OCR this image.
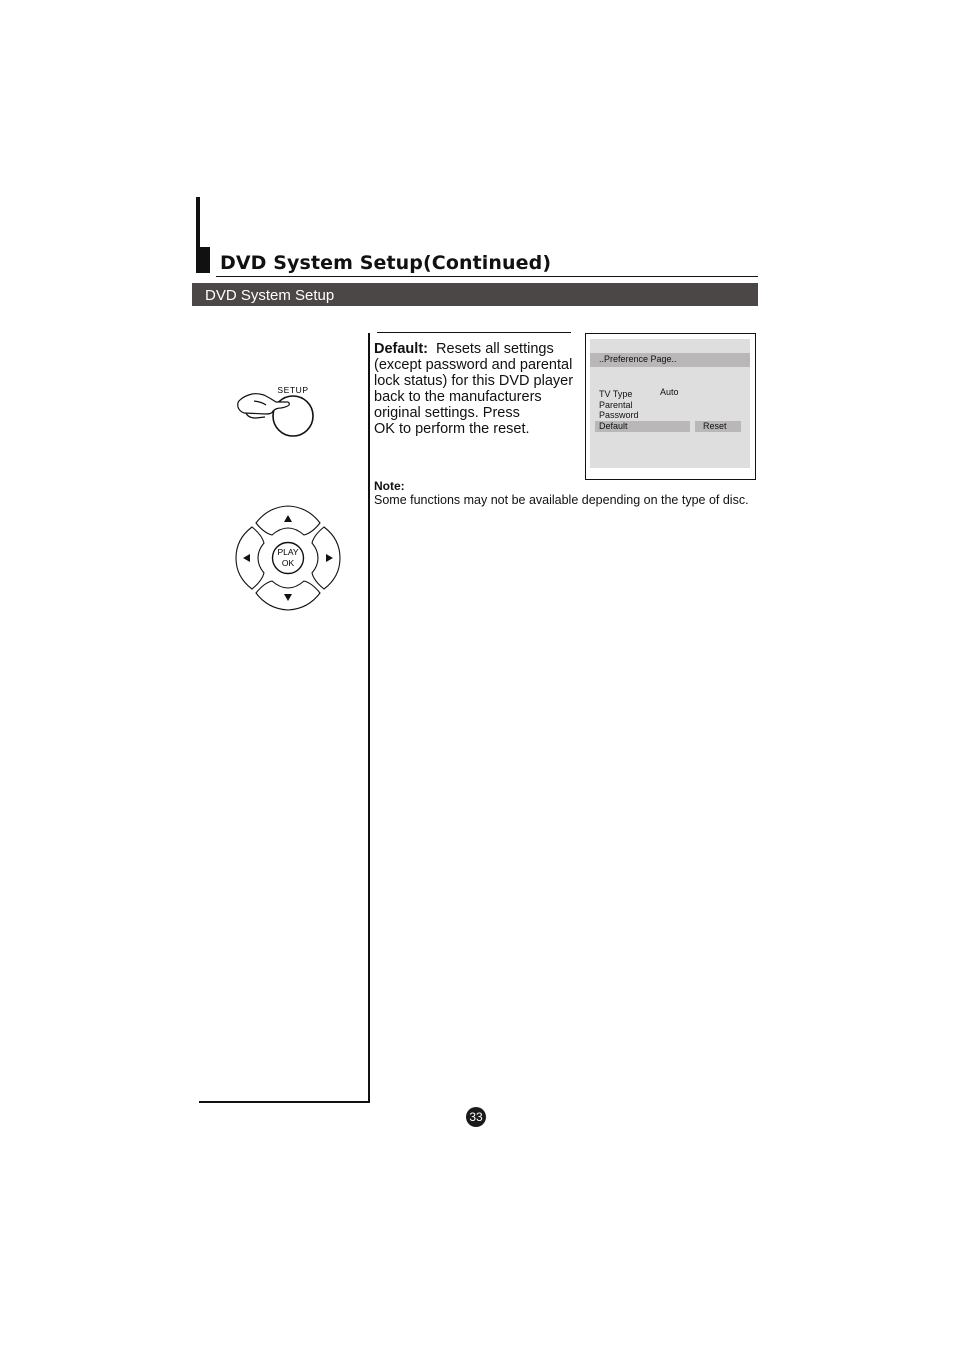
DVD System Setup(Continued)
DVD System Setup
SETUP
PLAY
OK
Default: Resets all settings
(except password and parental
lock status) for this DVD player
back to the manufacturers
original settings. Press
OK to perform the reset.
..Preference Page..
TV Type	Auto
Parental
Password
Default	Reset
Note:
Some functions may not be available depending on the type of disc.
33
